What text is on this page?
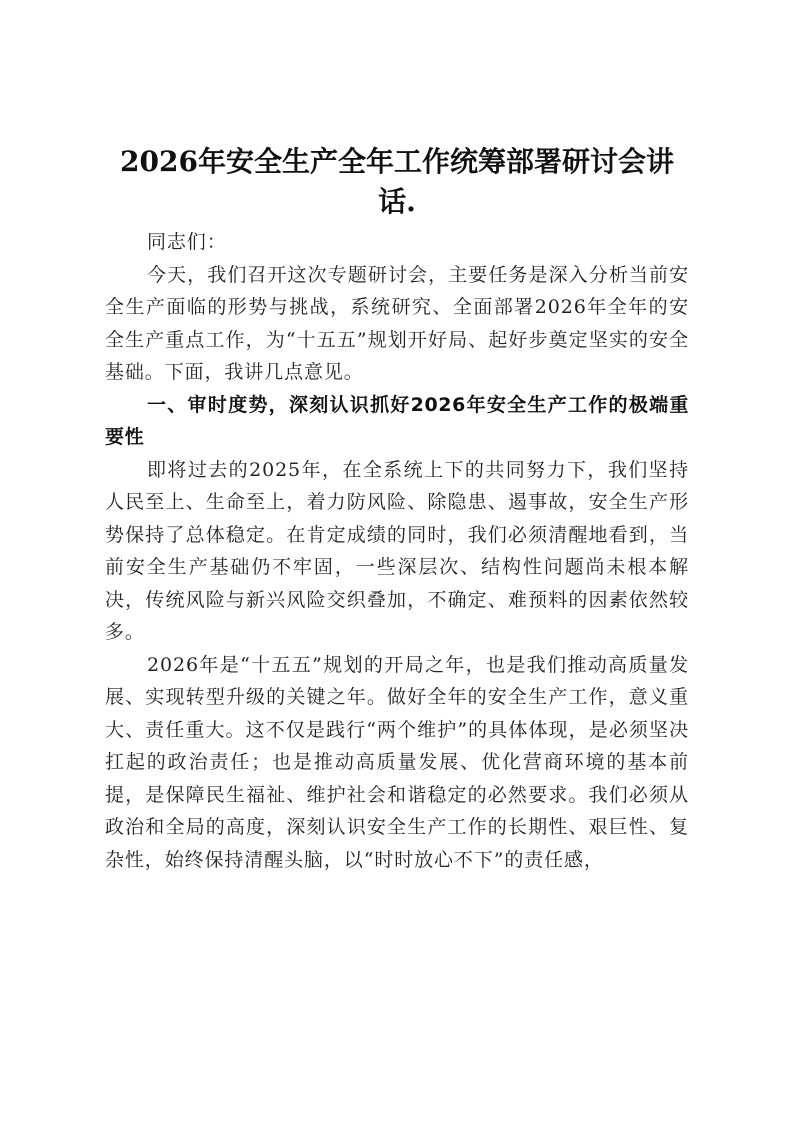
2026年安全生产全年工作统筹部署研讨会讲话.

同志们：

今天，我们召开这次专题研讨会，主要任务是深入分析当前安全生产面临的形势与挑战，系统研究、全面部署2026年全年的安全生产重点工作，为“十五五”规划开好局、起好步奠定坚实的安全基础。下面，我讲几点意见。

一、审时度势，深刻认识抓好2026年安全生产工作的极端重要性

即将过去的2025年，在全系统上下的共同努力下，我们坚持人民至上、生命至上，着力防风险、除隐患、遏事故，安全生产形势保持了总体稳定。在肯定成绩的同时，我们必须清醒地看到，当前安全生产基础仍不牢固，一些深层次、结构性问题尚未根本解决，传统风险与新兴风险交织叠加，不确定、难预料的因素依然较多。

2026年是“十五五”规划的开局之年，也是我们推动高质量发展、实现转型升级的关键之年。做好全年的安全生产工作，意义重大、责任重大。这不仅是践行“两个维护”的具体体现，是必须坚决扛起的政治责任；也是推动高质量发展、优化营商环境的基本前提，是保障民生福祉、维护社会和谐稳定的必然要求。我们必须从政治和全局的高度，深刻认识安全生产工作的长期性、艰巨性、复杂性，始终保持清醒头脑，以“时时放心不下”的责任感，
